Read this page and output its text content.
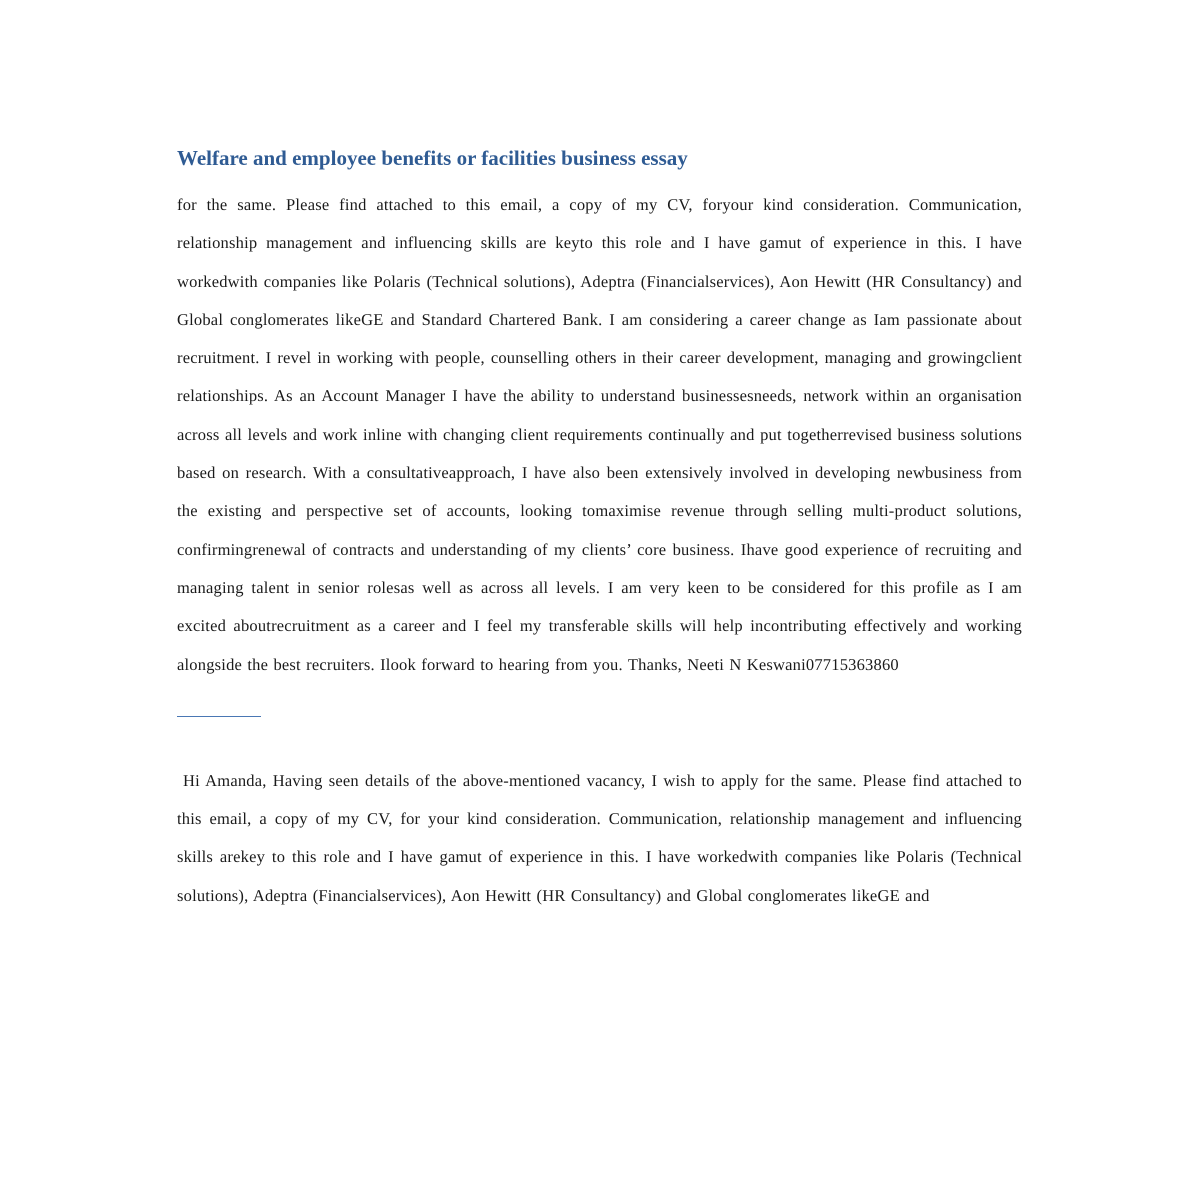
Welfare and employee benefits or facilities business essay

for the same. Please find attached to this email, a copy of my CV, foryour kind consideration. Communication, relationship management and influencing skills are keyto this role and I have gamut of experience in this. I have workedwith companies like Polaris (Technical solutions), Adeptra (Financialservices), Aon Hewitt (HR Consultancy) and Global conglomerates likeGE and Standard Chartered Bank. I am considering a career change as Iam passionate about recruitment. I revel in working with people, counselling others in their career development, managing and growingclient relationships. As an Account Manager I have the ability to understand businessesneeds, network within an organisation across all levels and work inline with changing client requirements continually and put togetherrevised business solutions based on research. With a consultativeapproach, I have also been extensively involved in developing newbusiness from the existing and perspective set of accounts, looking tomaximise revenue through selling multi-product solutions, confirmingrenewal of contracts and understanding of my clients’ core business. Ihave good experience of recruiting and managing talent in senior rolesas well as across all levels. I am very keen to be considered for this profile as I am excited aboutrecruitment as a career and I feel my transferable skills will help incontributing effectively and working alongside the best recruiters. Ilook forward to hearing from you. Thanks, Neeti N Keswani07715363860

Hi Amanda, Having seen details of the above-mentioned vacancy, I wish to apply for the same. Please find attached to this email, a copy of my CV, for your kind consideration. Communication, relationship management and influencing skills arekey to this role and I have gamut of experience in this. I have workedwith companies like Polaris (Technical solutions), Adeptra (Financialservices), Aon Hewitt (HR Consultancy) and Global conglomerates likeGE and
